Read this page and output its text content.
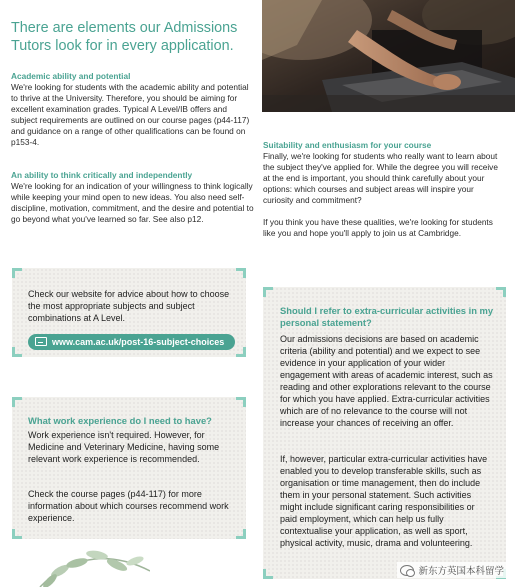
There are elements our Admissions Tutors look for in every application.
Academic ability and potential

We're looking for students with the academic ability and potential to thrive at the University. Therefore, you should be aiming for excellent examination grades. Typical A Level/IB offers and subject requirements are outlined on our course pages (p44-117) and guidance on a range of other qualifications can be found on p153-4.

An ability to think critically and independently

We're looking for an indication of your willingness to think logically while keeping your mind open to new ideas. You also need self-discipline, motivation, commitment, and the desire and potential to go beyond what you've learned so far. See also p12.

Suitability and enthusiasm for your course

Finally, we're looking for students who really want to learn about the subject they've applied for. While the degree you will receive at the end is important, you should think carefully about your options: which courses and subject areas will inspire your curiosity and commitment?

If you think you have these qualities, we're looking for students like you and hope you'll apply to join us at Cambridge.

Check our website for advice about how to choose the most appropriate subjects and subject combinations at A Level.

www.cam.ac.uk/post-16-subject-choices
What work experience do I need to have?

Work experience isn't required. However, for Medicine and Veterinary Medicine, having some relevant work experience is recommended.

Check the course pages (p44-117) for more information about which courses recommend work experience.

Should I refer to extra-curricular activities in my personal statement?

Our admissions decisions are based on academic criteria (ability and potential) and we expect to see evidence in your application of your wider engagement with areas of academic interest, such as reading and other explorations relevant to the course for which you have applied. Extra-curricular activities which are of no relevance to the course will not increase your chances of receiving an offer.

If, however, particular extra-curricular activities have enabled you to develop transferable skills, such as organisation or time management, then do include them in your personal statement. Such activities might include significant caring responsibilities or paid employment, which can help us fully contextualise your application, as well as sport, physical activity, music, drama and volunteering.

新东方英国本科留学
